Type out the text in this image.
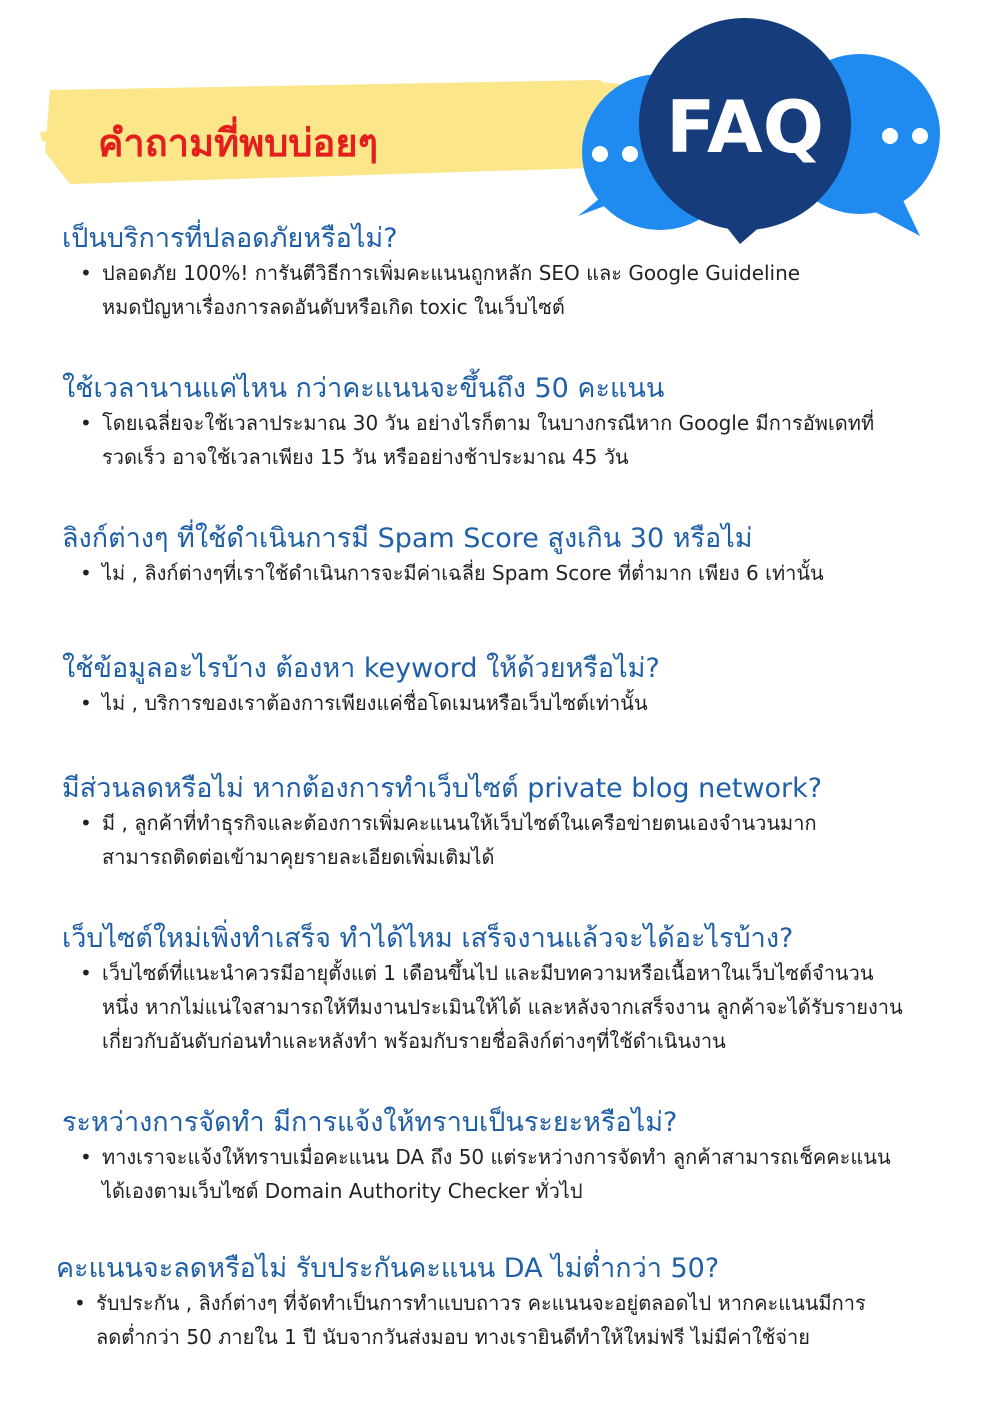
คำถามที่พบบ่อยๆ	FAQ
เป็นบริการที่ปลอดภัยหรือไม่?
• ปลอดภัย 100%! การันตีวิธีการเพิ่มคะแนนถูกหลัก SEO และ Google Guideline
หมดปัญหาเรื่องการลดอันดับหรือเกิด toxic ในเว็บไซต์
ใช้เวลานานแค่ไหน กว่าคะแนนจะขึ้นถึง 50 คะแนน
• โดยเฉลี่ยจะใช้เวลาประมาณ 30 วัน อย่างไรก็ตาม ในบางกรณีหาก Google มีการอัพเดทที่
รวดเร็ว อาจใช้เวลาเพียง 15 วัน หรืออย่างช้าประมาณ 45 วัน
ลิงก์ต่างๆ ที่ใช้ดำเนินการมี Spam Score สูงเกิน 30 หรือไม่
• ไม่ , ลิงก์ต่างๆที่เราใช้ดำเนินการจะมีค่าเฉลี่ย Spam Score ที่ต่ำมาก เพียง 6 เท่านั้น
ใช้ข้อมูลอะไรบ้าง ต้องหา keyword ให้ด้วยหรือไม่?
• ไม่ , บริการของเราต้องการเพียงแค่ชื่อโดเมนหรือเว็บไซต์เท่านั้น
มีส่วนลดหรือไม่ หากต้องการทำเว็บไซต์ private blog network?
• มี , ลูกค้าที่ทำธุรกิจและต้องการเพิ่มคะแนนให้เว็บไซต์ในเครือข่ายตนเองจำนวนมาก
สามารถติดต่อเข้ามาคุยรายละเอียดเพิ่มเติมได้
เว็บไซต์ใหม่เพิ่งทำเสร็จ ทำได้ไหม เสร็จงานแล้วจะได้อะไรบ้าง?
• เว็บไซต์ที่แนะนำควรมีอายุตั้งแต่ 1 เดือนขึ้นไป และมีบทความหรือเนื้อหาในเว็บไซต์จำนวน
หนึ่ง หากไม่แน่ใจสามารถให้ทีมงานประเมินให้ได้ และหลังจากเสร็จงาน ลูกค้าจะได้รับรายงาน
เกี่ยวกับอันดับก่อนทำและหลังทำ พร้อมกับรายชื่อลิงก์ต่างๆที่ใช้ดำเนินงาน
ระหว่างการจัดทำ มีการแจ้งให้ทราบเป็นระยะหรือไม่?
• ทางเราจะแจ้งให้ทราบเมื่อคะแนน DA ถึง 50 แต่ระหว่างการจัดทำ ลูกค้าสามารถเช็คคะแนน
ได้เองตามเว็บไซต์ Domain Authority Checker ทั่วไป
คะแนนจะลดหรือไม่ รับประกันคะแนน DA ไม่ต่ำกว่า 50?
• รับประกัน , ลิงก์ต่างๆ ที่จัดทำเป็นการทำแบบถาวร คะแนนจะอยู่ตลอดไป หากคะแนนมีการ
ลดต่ำกว่า 50 ภายใน 1 ปี นับจากวันส่งมอบ ทางเรายินดีทำให้ใหม่ฟรี ไม่มีค่าใช้จ่าย
